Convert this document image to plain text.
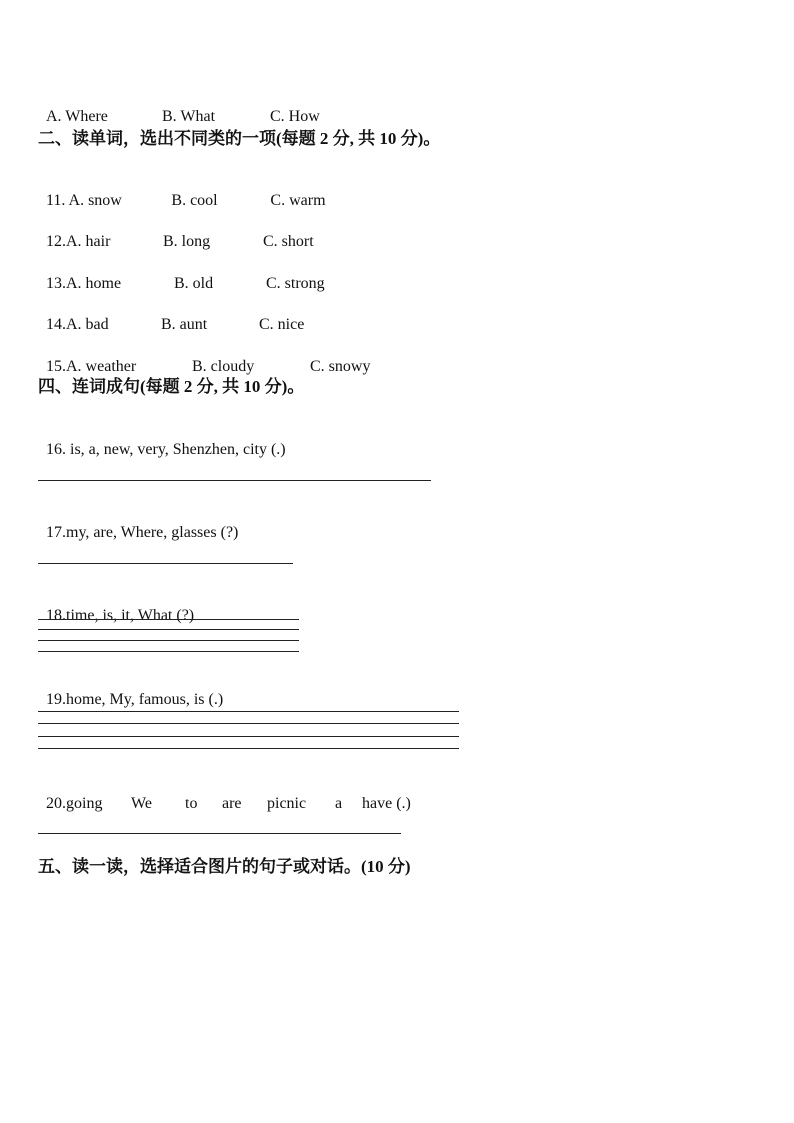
A. Where	B. What	C. How

二、读单词，选出不同类的一项(每题 2 分, 共 10 分)。

11. A. snow	B. cool	C. warm

12.A. hair	B. long	C. short

13.A. home	B. old	C. strong

14.A. bad	B. aunt	C. nice

15.A. weather	B. cloudy	C. snowy

四、连词成句(每题 2 分, 共 10 分)。

16. is, a, new, very, Shenzhen, city (.)

17.my, are, Where, glasses (?)

18.time, is, it, What (?)

19.home, My, famous, is (.)

20.going We to are picnic a have (.)

五、读一读，选择适合图片的句子或对话。(10 分)
